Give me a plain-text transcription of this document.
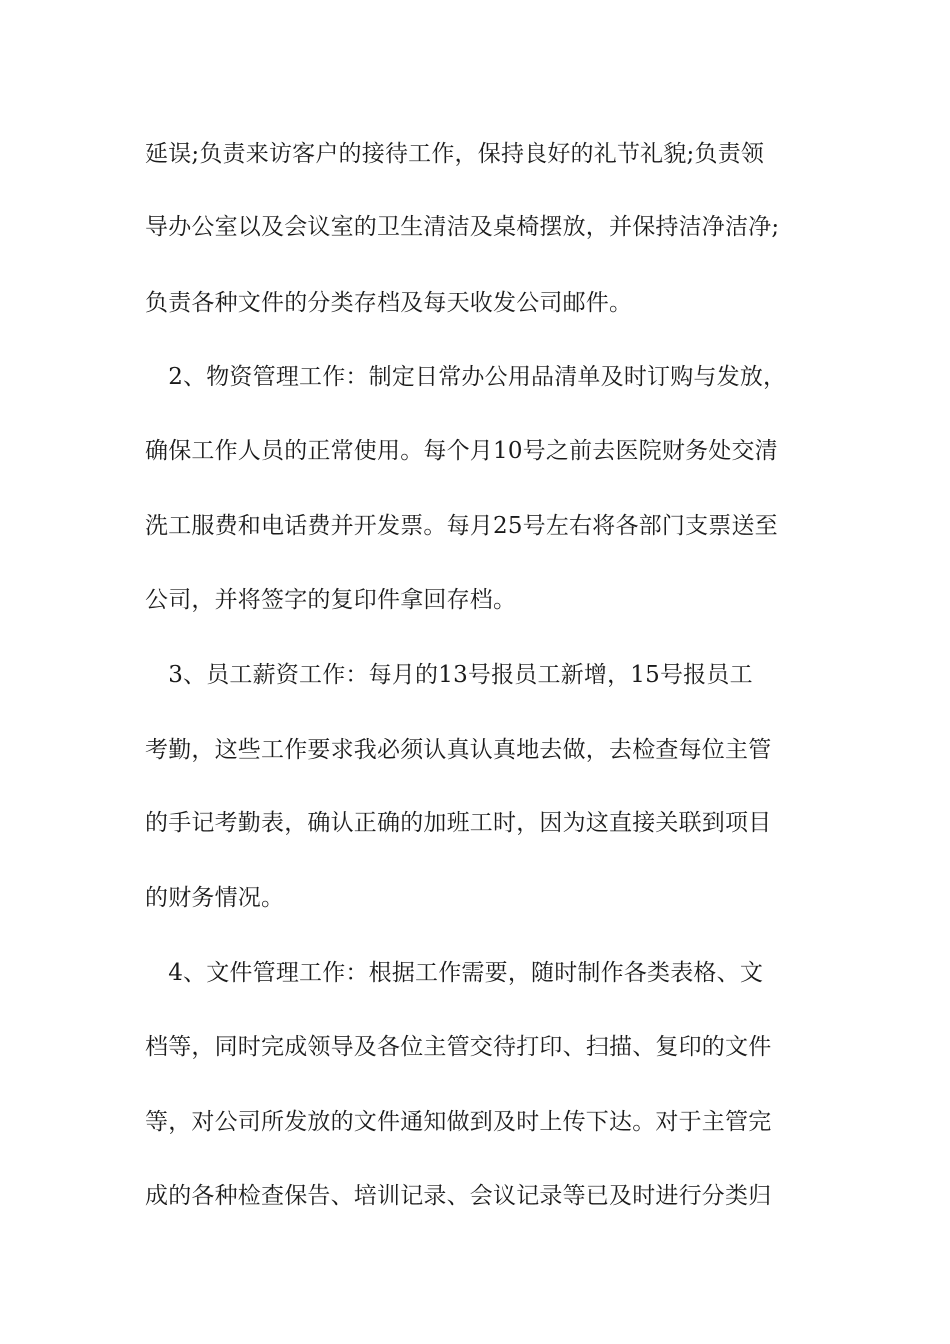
延误;负责来访客户的接待工作，保持良好的礼节礼貌;负责领
导办公室以及会议室的卫生清洁及桌椅摆放，并保持洁净洁净;
负责各种文件的分类存档及每天收发公司邮件。
　2、物资管理工作：制定日常办公用品清单及时订购与发放，
确保工作人员的正常使用。每个月10号之前去医院财务处交清
洗工服费和电话费并开发票。每月25号左右将各部门支票送至
公司，并将签字的复印件拿回存档。
　3、员工薪资工作：每月的13号报员工新增，15号报员工
考勤，这些工作要求我必须认真认真地去做，去检查每位主管
的手记考勤表，确认正确的加班工时，因为这直接关联到项目
的财务情况。
　4、文件管理工作：根据工作需要，随时制作各类表格、文
档等，同时完成领导及各位主管交待打印、扫描、复印的文件
等，对公司所发放的文件通知做到及时上传下达。对于主管完
成的各种检查保告、培训记录、会议记录等已及时进行分类归
